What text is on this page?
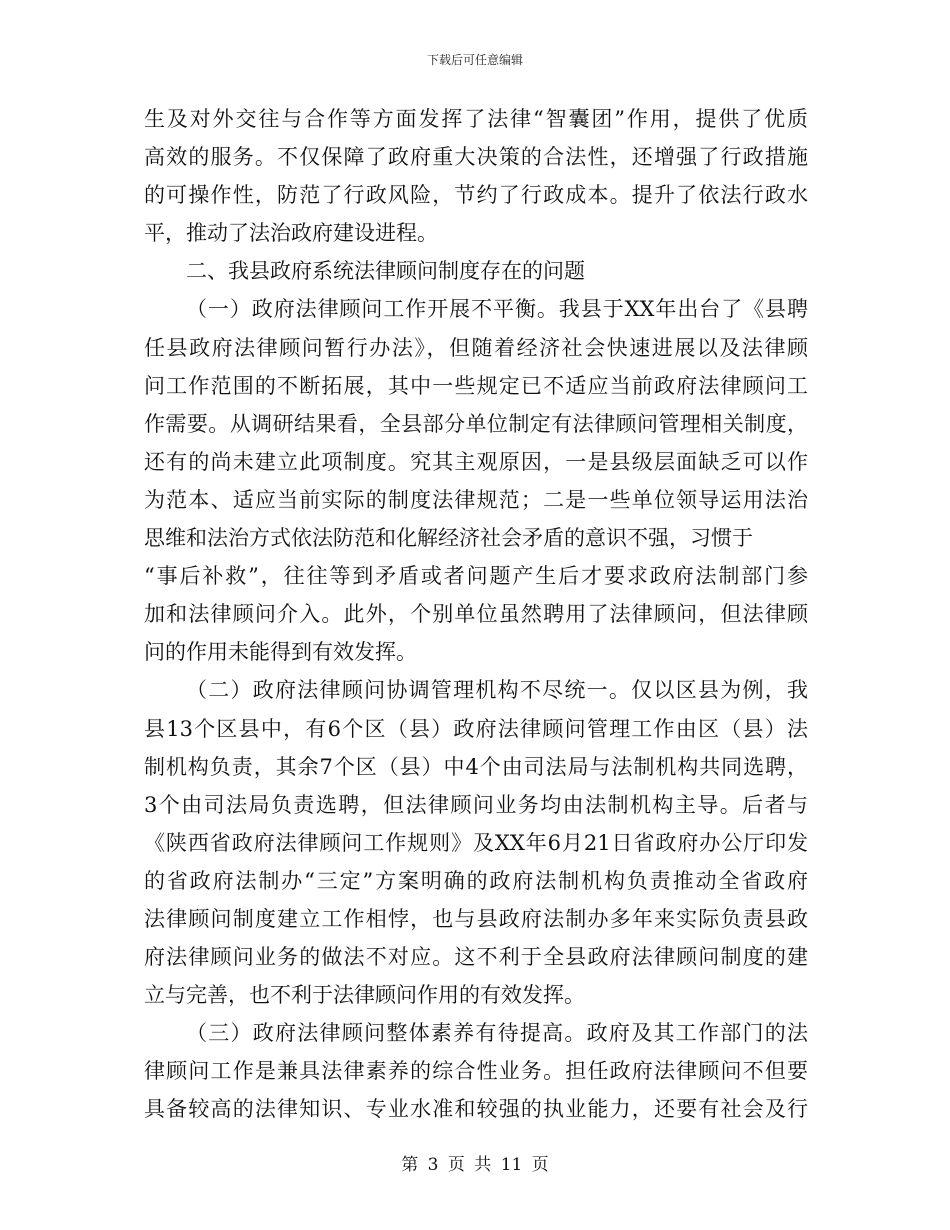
下载后可任意编辑
生及对外交往与合作等方面发挥了法律“智囊团”作用，提供了优质
高效的服务。不仅保障了政府重大决策的合法性，还增强了行政措施
的可操作性，防范了行政风险，节约了行政成本。提升了依法行政水
平，推动了法治政府建设进程。
二、我县政府系统法律顾问制度存在的问题
（一）政府法律顾问工作开展不平衡。我县于XX年出台了《县聘
任县政府法律顾问暂行办法》，但随着经济社会快速进展以及法律顾
问工作范围的不断拓展，其中一些规定已不适应当前政府法律顾问工
作需要。从调研结果看，全县部分单位制定有法律顾问管理相关制度，
还有的尚未建立此项制度。究其主观原因，一是县级层面缺乏可以作
为范本、适应当前实际的制度法律规范；二是一些单位领导运用法治
思维和法治方式依法防范和化解经济社会矛盾的意识不强，习惯于
“事后补救”，往往等到矛盾或者问题产生后才要求政府法制部门参
加和法律顾问介入。此外，个别单位虽然聘用了法律顾问，但法律顾
问的作用未能得到有效发挥。
（二）政府法律顾问协调管理机构不尽统一。仅以区县为例，我
县13个区县中，有6个区（县）政府法律顾问管理工作由区（县）法
制机构负责，其余7个区（县）中4个由司法局与法制机构共同选聘，
3个由司法局负责选聘，但法律顾问业务均由法制机构主导。后者与
《陕西省政府法律顾问工作规则》及XX年6月21日省政府办公厅印发
的省政府法制办“三定”方案明确的政府法制机构负责推动全省政府
法律顾问制度建立工作相悖，也与县政府法制办多年来实际负责县政
府法律顾问业务的做法不对应。这不利于全县政府法律顾问制度的建
立与完善，也不利于法律顾问作用的有效发挥。
（三）政府法律顾问整体素养有待提高。政府及其工作部门的法
律顾问工作是兼具法律素养的综合性业务。担任政府法律顾问不但要
具备较高的法律知识、专业水准和较强的执业能力，还要有社会及行
第 3 页 共 11 页
